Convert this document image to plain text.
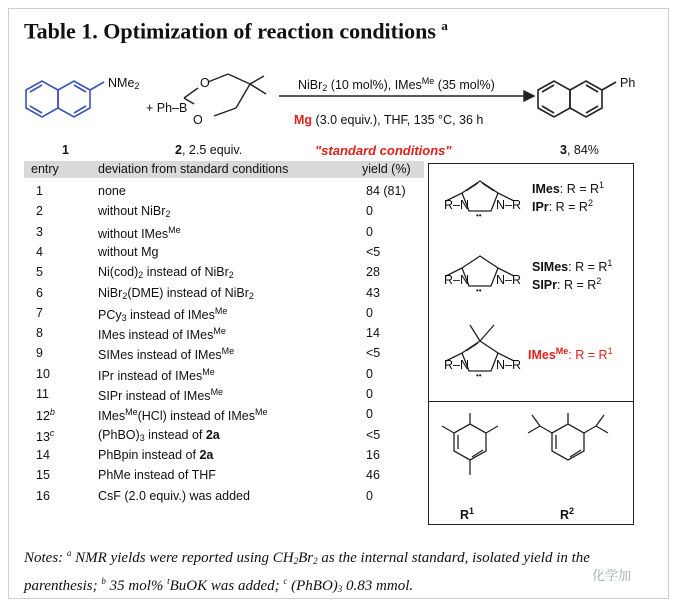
Table 1. Optimization of reaction conditions $^a$
NMe$_2$
+ Ph–B
O
O
Ph
NiBr$_2$ (10 mol%), IMes$^{Me}$ (35 mol%)
Mg (3.0 equiv.), THF, 135 °C, 36 h
1	2, 2.5 equiv.	"standard conditions"	3, 84%
entry	deviation from standard conditions	yield (%)
1	none	84 (81)
2	without NiBr$_2$	0
3	without IMes$^{Me}$	0
4	without Mg	<5
5	$Ni(cod)_2$ instead of NiBr$_2$	28
6	NiBr$_2$(DME) instead of NiBr$_2$	43
7	PCy$_3$ instead of IMes$^{Me}$	0
8	IMes instead of IMes$^{Me}$	14
9	SIMes instead of IMes$^{Me}$	<5
10	IPr instead of IMes$^{Me}$	0
11	SIPr instead of IMes$^{Me}$	0
12$^b$	IMes$^{Me}$(HCl) instead of IMes$^{Me}$	0
13$^c$	$(PhBO)_3$ instead of 2a	<5
14	PhBpin instead of 2a	16
15	PhMe instead of THF	46
16	CsF (2.0 equiv.) was added	0
R–N N–R
••
IMes: $R = R^1$
IPr: $R = R^2$
R–N N–R
••
SIMes: $R = R^1$
SIPr: $R = R^2$
R–N N–R
••
IMes$^{Me}$: $R = R^1$
$R^1$	$R^2$
Notes: $^a$ NMR yields were reported using $CH_2Br_2$ as the internal standard, isolated yield in the parenthesis; $^b$ 35 mol% $^t$BuOK was added; $^c$ $(PhBO)_3$ 0.83 mmol.
化学加
